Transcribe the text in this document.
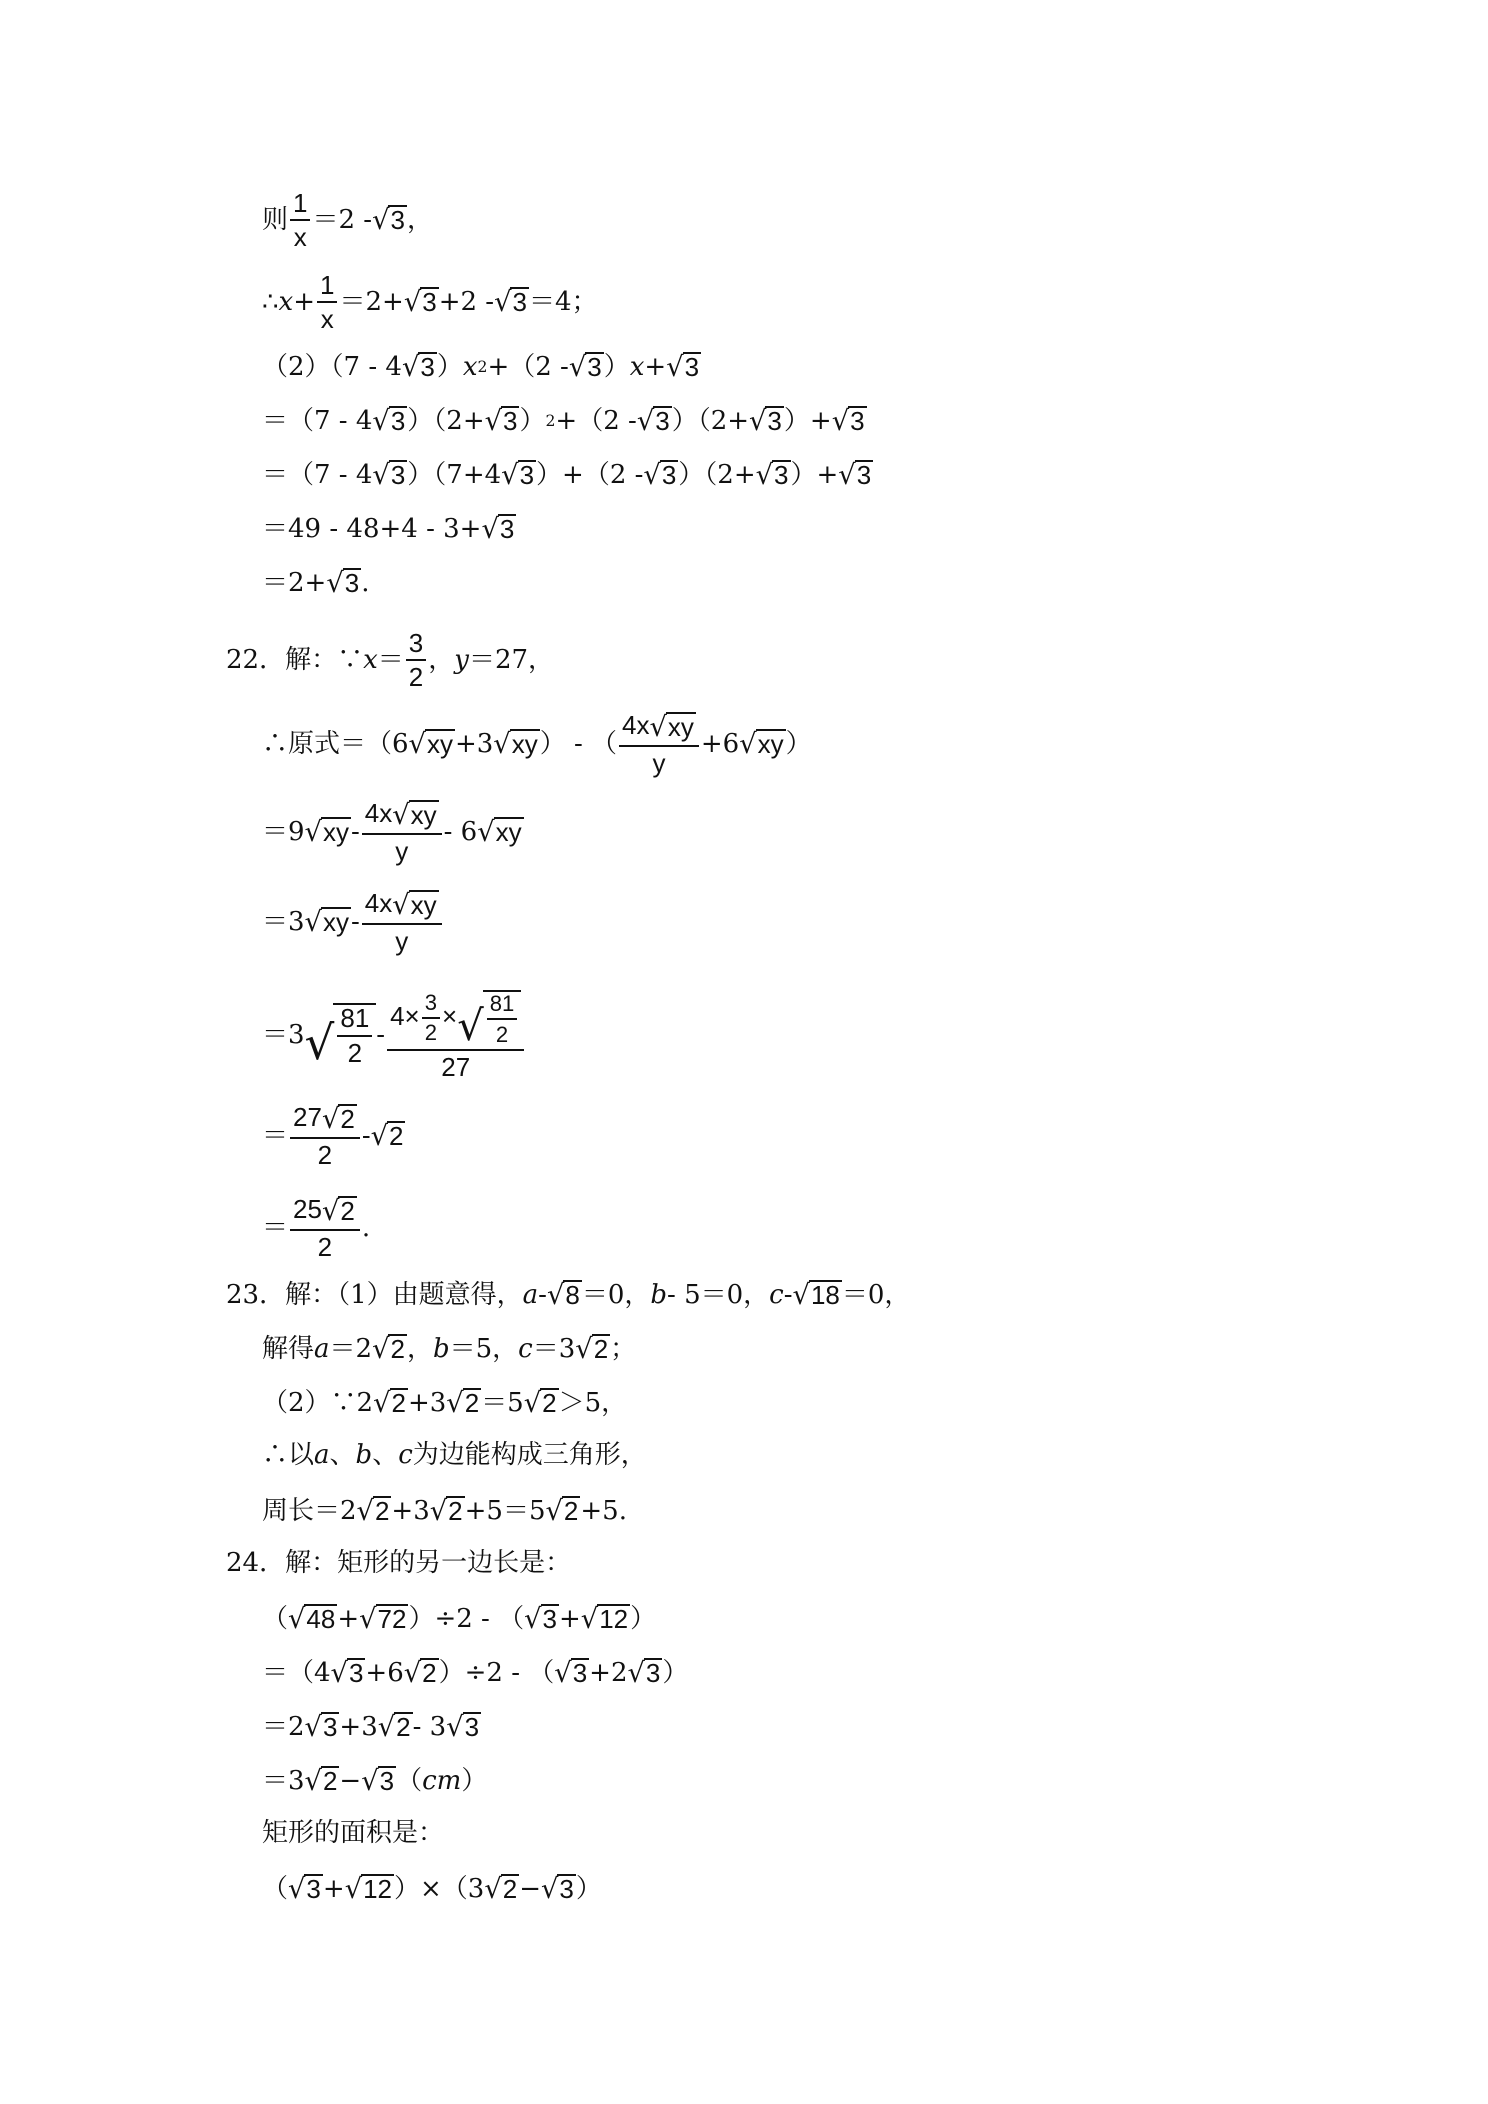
则 $\frac{1}{x} =2$ - √ 3 ，
∴ $x + \frac{1}{x} =2+$ √ 3 +2 - √ 3 ＝4；
（2）（7 - 4 √ 3 ） x 2 +（2 - √ 3 ） x + √ 3
＝（7 - 4 √ 3 ）（2+ √ 3 ） 2 +（2 - √ 3 ）（2+ √ 3 ）+ √ 3
＝（7 - 4 √ 3 ）（7+4 √ 3 ）+（2 - √ 3 ）（2+ √ 3 ）+ √ 3
＝49 - 48+4 - 3+ √ 3
＝2+ √ 3 .
22．解：∵ $x = \frac{3}{2}$ ， y ＝27，
∴原式＝（6 √ xy +3 √ xy ） - （ $\frac{4x √ xy}{y} +6$ √ xy ）
＝9 √ xy - $\frac{4x √ xy}{y} - 6$ √ xy
＝3 √ xy - $\frac{4x √ xy}{y}$
＝3 √ $\frac{81}{2} - \frac{4\times \frac{3}{2} \times √ \frac{81}{2}}{27}$
＝ $\frac{27 √ 2}{2}$ - √ 2
＝ $\frac{25 √ 2}{2}$ .
23．解：（1）由题意得， a - √ 8 ＝0， b - 5＝0， c - √ 18 ＝0，
解得 a ＝2 √ 2 ， b ＝5， c ＝3 √ 2 ；
（2）∵2 √ 2 +3 √ 2 ＝5 √ 2 ＞5，
∴以 a 、 b 、 c 为边能构成三角形，
周长＝2 √ 2 +3 √ 2 +5＝5 √ 2 +5.
24．解：矩形的另一边长是：
（ √ 48 + √ 72 ）÷2 - （ √ 3 + √ 12 ）
＝（4 √ 3 +6 √ 2 ）÷2 - （ √ 3 +2 √ 3 ）
＝2 √ 3 +3 √ 2 - 3 √ 3
＝3 √ 2 − √ 3 （ cm ）
矩形的面积是：
（ √ 3 + √ 12 ）×（3 √ 2 − √ 3 ）
